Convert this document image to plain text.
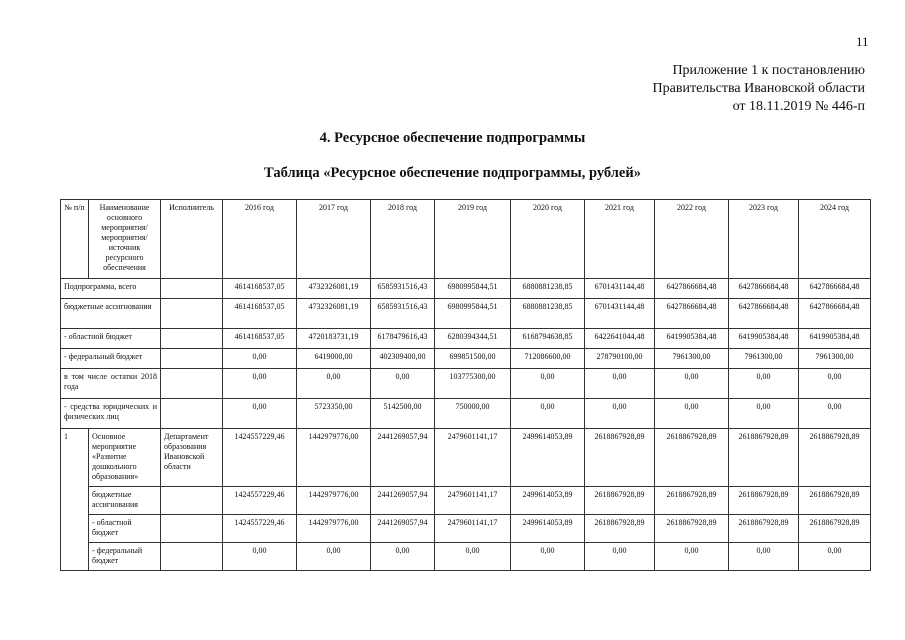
11
Приложение 1 к постановлению
Правительства Ивановской области
от 18.11.2019 № 446-п
4. Ресурсное обеспечение подпрограммы
Таблица «Ресурсное обеспечение подпрограммы, рублей»
№ п/п	Наименование основного мероприятия/ мероприятия/ источник ресурсного обеспечения	Исполнитель	2016 год	2017 год	2018 год	2019 год	2020 год	2021 год	2022 год	2023 год	2024 год
Подпрограмма, всего			4614168537,05	4732326081,19	6585931516,43	6980995844,51	6880881238,85	6701431144,48	6427866684,48	6427866684,48	6427866684,48
бюджетные ассигнования			4614168537,05	4732326081,19	6585931516,43	6980995844,51	6880881238,85	6701431144,48	6427866684,48	6427866684,48	6427866684,48
- областной бюджет			4614168537,05	4720183731,19	6178479616,43	6280394344,51	6168794638,85	6422641044,48	6419905384,48	6419905384,48	6419905384,48
- федеральный бюджет			0,00	6419000,00	402309400,00	699851500,00	712086600,00	278790100,00	7961300,00	7961300,00	7961300,00
в том числе остатки 2018 года			0,00	0,00	0,00	103775300,00	0,00	0,00	0,00	0,00	0,00
- средства юридических и физических лиц			0,00	5723350,00	5142500,00	750000,00	0,00	0,00	0,00	0,00	0,00
1	Основное мероприятие «Развитие дошкольного образования»	Департамент образования Ивановской области	1424557229,46	1442979776,00	2441269057,94	2479601141,17	2499614053,89	2618867928,89	2618867928,89	2618867928,89	2618867928,89
	бюджетные ассигнования		1424557229,46	1442979776,00	2441269057,94	2479601141,17	2499614053,89	2618867928,89	2618867928,89	2618867928,89	2618867928,89
	- областной бюджет		1424557229,46	1442979776,00	2441269057,94	2479601141,17	2499614053,89	2618867928,89	2618867928,89	2618867928,89	2618867928,89
	- федеральный бюджет		0,00	0,00	0,00	0,00	0,00	0,00	0,00	0,00	0,00
